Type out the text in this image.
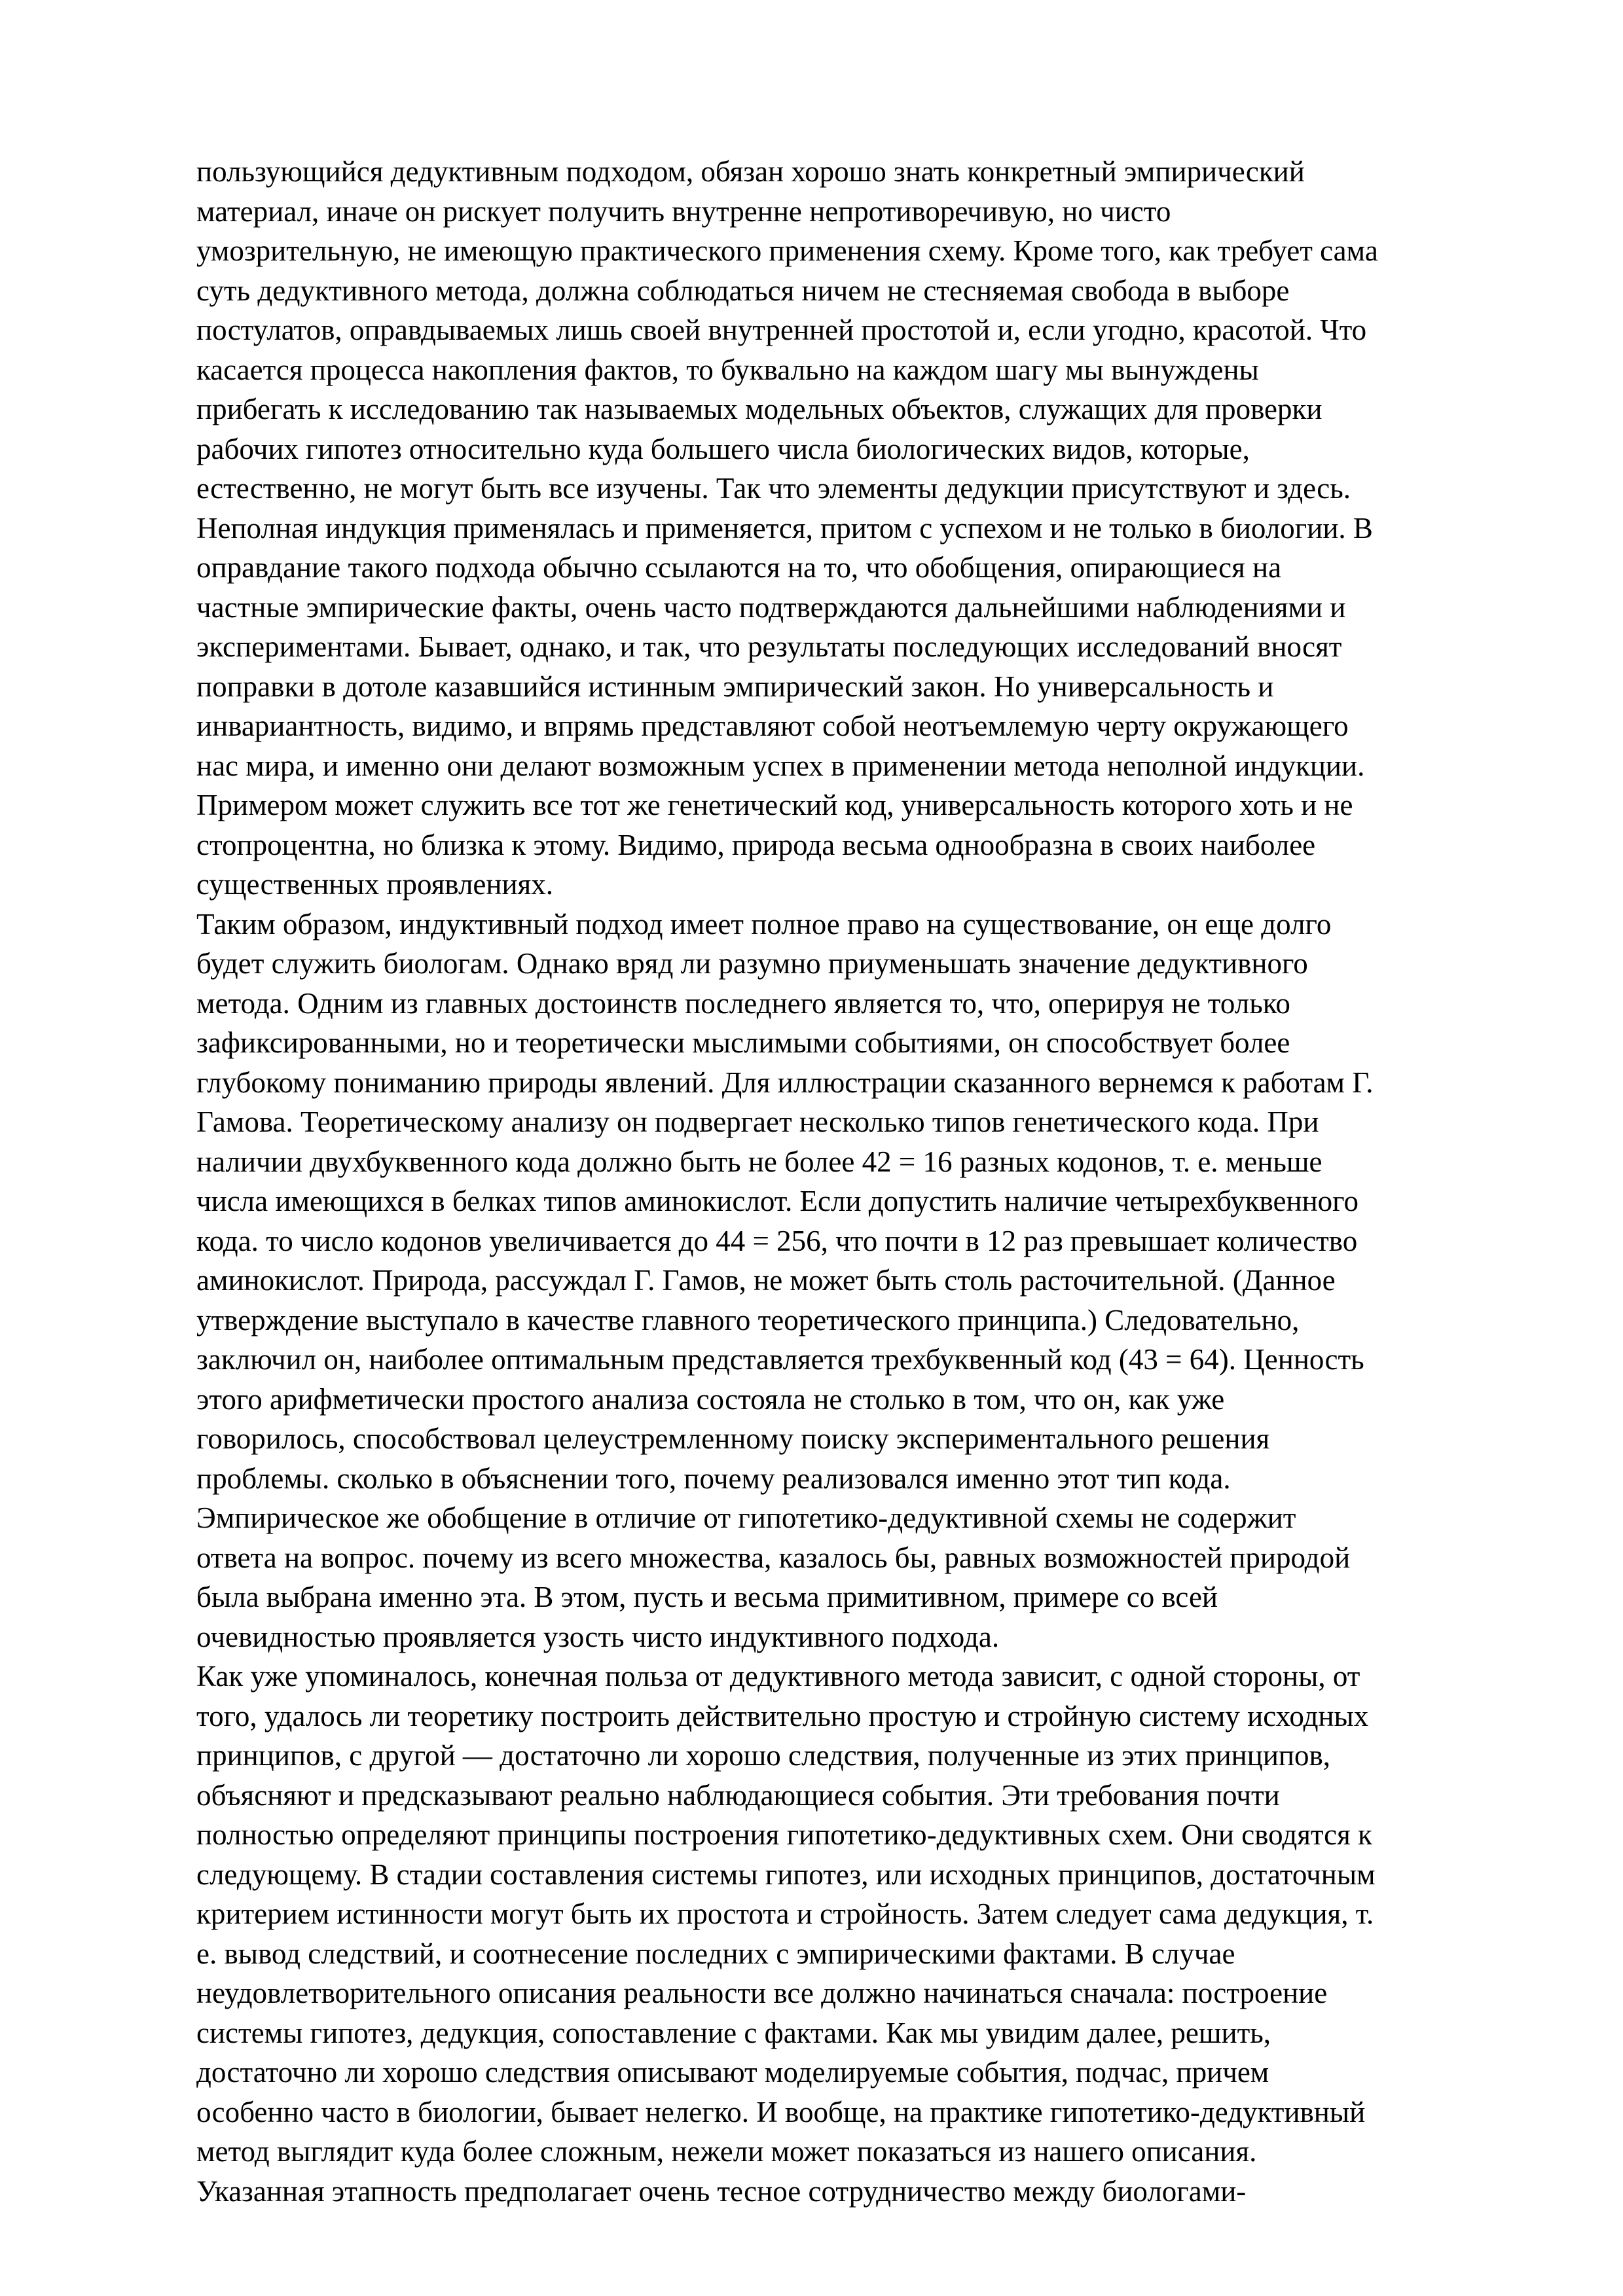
пользующийся дедуктивным подходом, обязан хорошо знать конкретный эмпирический
материал, иначе он рискует получить внутренне непротиворечивую, но чисто
умозрительную, не имеющую практического применения схему. Кроме того, как требует сама
суть дедуктивного метода, должна соблюдаться ничем не стесняемая свобода в выборе
постулатов, оправдываемых лишь своей внутренней простотой и, если угодно, красотой. Что
касается процесса накопления фактов, то буквально на каждом шагу мы вынуждены
прибегать к исследованию так называемых модельных объектов, служащих для проверки
рабочих гипотез относительно куда большего числа биологических видов, которые,
естественно, не могут быть все изучены. Так что элементы дедукции присутствуют и здесь.
Неполная индукция применялась и применяется, притом с успехом и не только в биологии. В
оправдание такого подхода обычно ссылаются на то, что обобщения, опирающиеся на
частные эмпирические факты, очень часто подтверждаются дальнейшими наблюдениями и
экспериментами. Бывает, однако, и так, что результаты последующих исследований вносят
поправки в дотоле казавшийся истинным эмпирический закон. Но универсальность и
инвариантность, видимо, и впрямь представляют собой неотъемлемую черту окружающего
нас мира, и именно они делают возможным успех в применении метода неполной индукции.
Примером может служить все тот же генетический код, универсальность которого хоть и не
стопроцентна, но близка к этому. Видимо, природа весьма однообразна в своих наиболее
существенных проявлениях.
Таким образом, индуктивный подход имеет полное право на существование, он еще долго
будет служить биологам. Однако вряд ли разумно приуменьшать значение дедуктивного
метода. Одним из главных достоинств последнего является то, что, оперируя не только
зафиксированными, но и теоретически мыслимыми событиями, он способствует более
глубокому пониманию природы явлений. Для иллюстрации сказанного вернемся к работам Г.
Гамова. Теоретическому анализу он подвергает несколько типов генетического кода. При
наличии двухбуквенного кода должно быть не более 42 = 16 разных кодонов, т. е. меньше
числа имеющихся в белках типов аминокислот. Если допустить наличие четырехбуквенного
кода. то число кодонов увеличивается до 44 = 256, что почти в 12 раз превышает количество
аминокислот. Природа, рассуждал Г. Гамов, не может быть столь расточительной. (Данное
утверждение выступало в качестве главного теоретического принципа.) Следовательно,
заключил он, наиболее оптимальным представляется трехбуквенный код (43 = 64). Ценность
этого арифметически простого анализа состояла не столько в том, что он, как уже
говорилось, способствовал целеустремленному поиску экспериментального решения
проблемы. сколько в объяснении того, почему реализовался именно этот тип кода.
Эмпирическое же обобщение в отличие от гипотетико-дедуктивной схемы не содержит
ответа на вопрос. почему из всего множества, казалось бы, равных возможностей природой
была выбрана именно эта. В этом, пусть и весьма примитивном, примере со всей
очевидностью проявляется узость чисто индуктивного подхода.
Как уже упоминалось, конечная польза от дедуктивного метода зависит, с одной стороны, от
того, удалось ли теоретику построить действительно простую и стройную систему исходных
принципов, с другой — достаточно ли хорошо следствия, полученные из этих принципов,
объясняют и предсказывают реально наблюдающиеся события. Эти требования почти
полностью определяют принципы построения гипотетико-дедуктивных схем. Они сводятся к
следующему. В стадии составления системы гипотез, или исходных принципов, достаточным
критерием истинности могут быть их простота и стройность. Затем следует сама дедукция, т.
е. вывод следствий, и соотнесение последних с эмпирическими фактами. В случае
неудовлетворительного описания реальности все должно начинаться сначала: построение
системы гипотез, дедукция, сопоставление с фактами. Как мы увидим далее, решить,
достаточно ли хорошо следствия описывают моделируемые события, подчас, причем
особенно часто в биологии, бывает нелегко. И вообще, на практике гипотетико-дедуктивный
метод выглядит куда более сложным, нежели может показаться из нашего описания.
Указанная этапность предполагает очень тесное сотрудничество между биологами-
